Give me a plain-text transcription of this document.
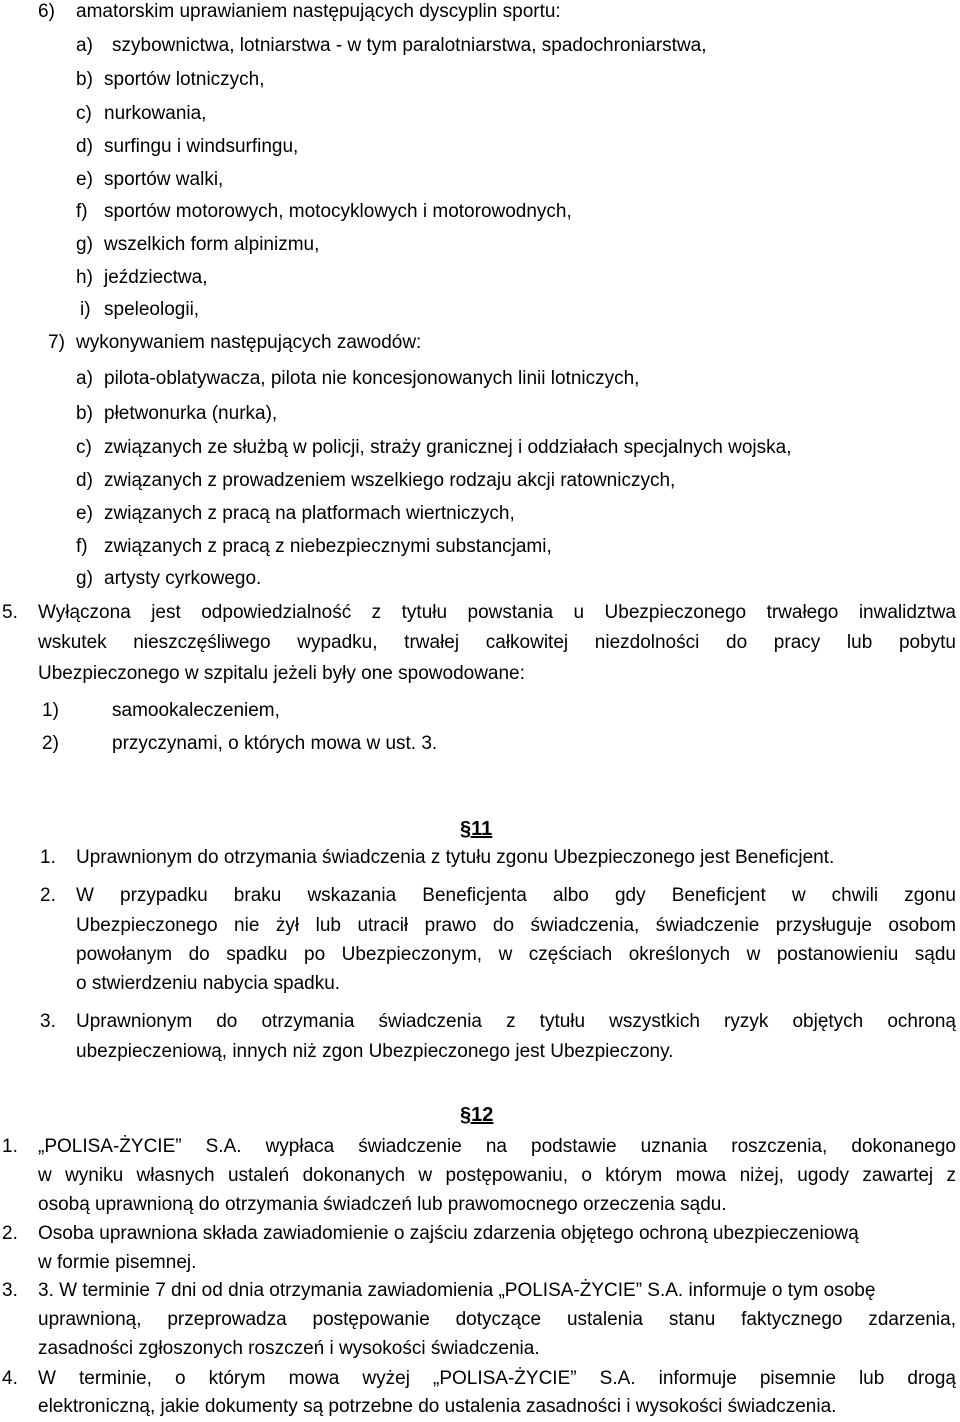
6) amatorskim uprawianiem następujących dyscyplin sportu:
a) szybownictwa, lotniarstwa - w tym paralotniarstwa, spadochroniarstwa,
b) sportów lotniczych,
c) nurkowania,
d) surfingu i windsurfingu,
e) sportów walki,
f) sportów motorowych, motocyklowych i motorowodnych,
g) wszelkich form alpinizmu,
h) jeździectwa,
i) speleologii,
7) wykonywaniem następujących zawodów:
a) pilota-oblatywacza, pilota nie koncesjonowanych linii lotniczych,
b) płetwonurka (nurka),
c) związanych ze służbą w policji, straży granicznej i oddziałach specjalnych wojska,
d) związanych z prowadzeniem wszelkiego rodzaju akcji ratowniczych,
e) związanych z pracą na platformach wiertniczych,
f) związanych z pracą z niebezpiecznymi substancjami,
g) artysty cyrkowego.
5. Wyłączona jest odpowiedzialność z tytułu powstania u Ubezpieczonego trwałego inwalidztwa
wskutek nieszczęśliwego wypadku, trwałej całkowitej niezdolności do pracy lub pobytu
Ubezpieczonego w szpitalu jeżeli były one spowodowane:
1)	samookaleczeniem,
2)	przyczynami, o których mowa w ust. 3.
§11
1. Uprawnionym do otrzymania świadczenia z tytułu zgonu Ubezpieczonego jest Beneficjent.
2. W przypadku braku wskazania Beneficjenta albo gdy Beneficjent w chwili zgonu
Ubezpieczonego nie żył lub utracił prawo do świadczenia, świadczenie przysługuje osobom
powołanym do spadku po Ubezpieczonym, w częściach określonych w postanowieniu sądu
o stwierdzeniu nabycia spadku.
3. Uprawnionym do otrzymania świadczenia z tytułu wszystkich ryzyk objętych ochroną
ubezpieczeniową, innych niż zgon Ubezpieczonego jest Ubezpieczony.
§12
1. „POLISA-ŻYCIE” S.A. wypłaca świadczenie na podstawie uznania roszczenia, dokonanego
w wyniku własnych ustaleń dokonanych w postępowaniu, o którym mowa niżej, ugody zawartej z
osobą uprawnioną do otrzymania świadczeń lub prawomocnego orzeczenia sądu.
2. Osoba uprawniona składa zawiadomienie o zajściu zdarzenia objętego ochroną ubezpieczeniową
w formie pisemnej.
3. 3. W terminie 7 dni od dnia otrzymania zawiadomienia „POLISA-ŻYCIE” S.A. informuje o tym osobę
uprawnioną, przeprowadza postępowanie dotyczące ustalenia stanu faktycznego zdarzenia,
zasadności zgłoszonych roszczeń i wysokości świadczenia.
4. W terminie, o którym mowa wyżej „POLISA-ŻYCIE” S.A. informuje pisemnie lub drogą
elektroniczną, jakie dokumenty są potrzebne do ustalenia zasadności i wysokości świadczenia.
